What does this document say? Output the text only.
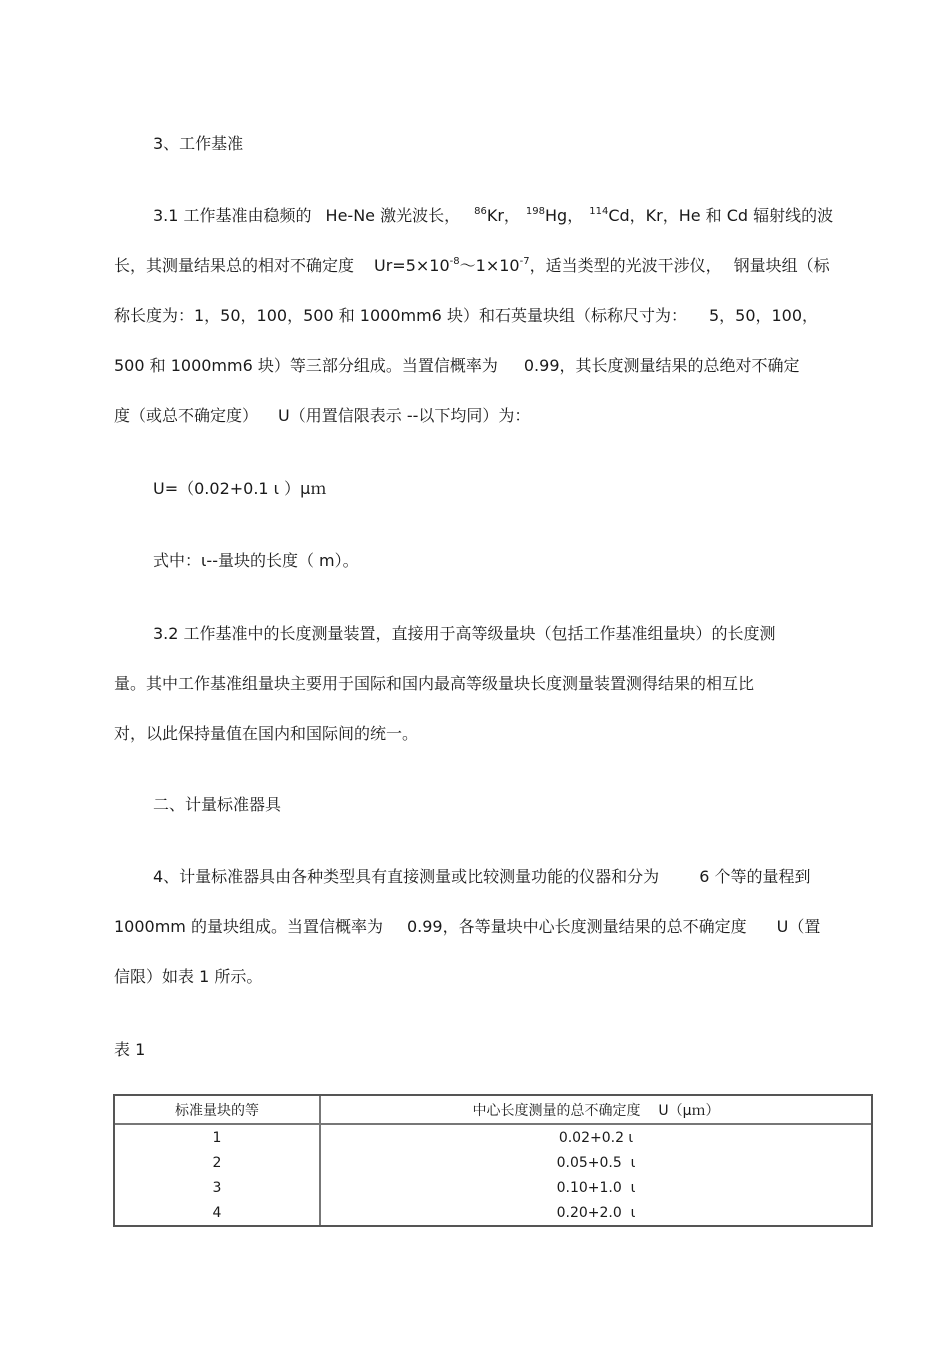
3、工作基准
3.1 工作基准由稳频的 He-Ne 激光波长， $^{86}$Kr， $^{198}$Hg， $^{114}$Cd，Kr，He 和 Cd 辐射线的波
长，其测量结果总的相对不确定度 $Ur=5\times 10^{-8}\sim 1\times 10^{-7}$，适当类型的光波干涉仪， 钢量块组（标
称长度为：1，50，100，500 和 1000mm6 块）和石英量块组（标称尺寸为： 5，50，100，
500 和 1000mm6 块）等三部分组成。当置信概率为 0.99，其长度测量结果的总绝对不确定
度（或总不确定度） U（用置信限表示 --以下均同）为：
U=（0.02+0.1 ι ）μｍ
式中：ι--量块的长度（ m）。
3.2 工作基准中的长度测量装置，直接用于高等级量块（包括工作基准组量块）的长度测
量。其中工作基准组量块主要用于国际和国内最高等级量块长度测量装置测得结果的相互比
对，以此保持量值在国内和国际间的统一。
二、计量标准器具
4、计量标准器具由各种类型具有直接测量或比较测量功能的仪器和分为	6 个等的量程到
1000mm 的量块组成。当置信概率为 0.99，各等量块中心长度测量结果的总不确定度 U（置
信限）如表 1 所示。
表 1
标准量块的等	中心长度测量的总不确定度    U（μｍ）
1	0.02+0.2 ι
2	0.05+0.5  ι
3	0.10+1.0  ι
4	0.20+2.0  ι
